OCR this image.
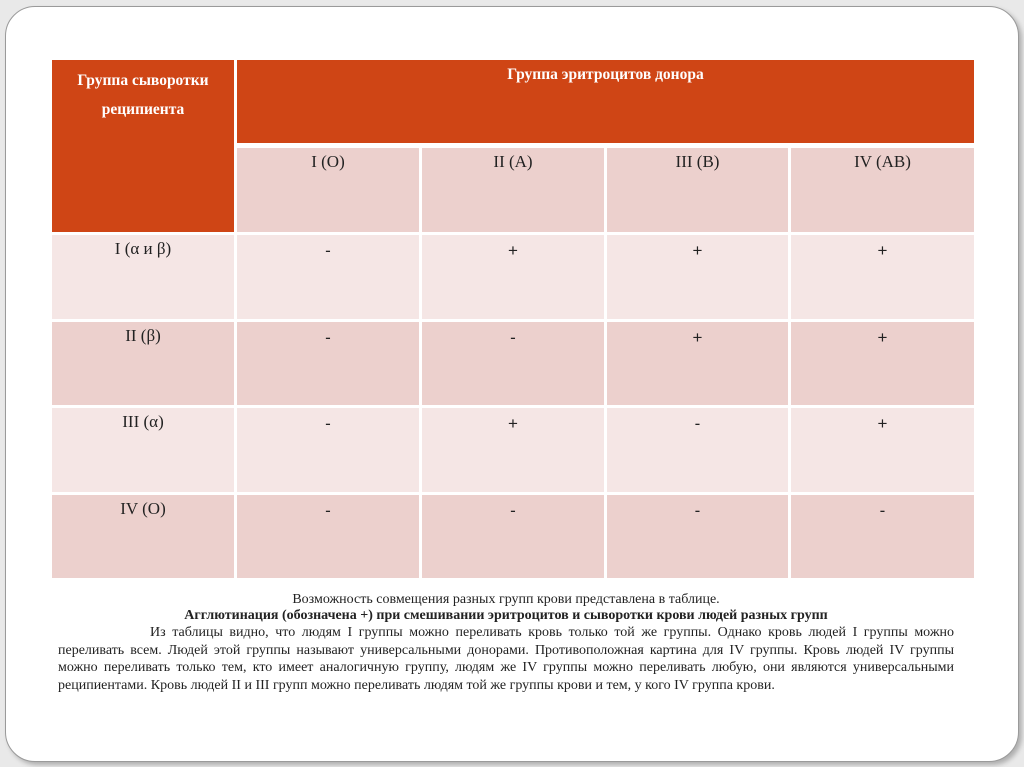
Группа сыворотки реципиента
Группа эритроцитов донора
I (O)	II (A)	III (B)	IV (AB)
I (α и β)	-	+	+	+
II (β)	-	-	+	+
III (α)	-	+	-	+
IV (O)	-	-	-	-

Возможность совмещения разных групп крови представлена в таблице.

Агглютинация (обозначена +) при смешивании эритроцитов и сыворотки крови людей разных групп

Из таблицы видно, что людям I группы можно переливать кровь только той же группы. Однако кровь людей I группы можно переливать всем. Людей этой группы называют универсальными донорами. Противоположная картина для IV группы. Кровь людей IV группы можно переливать только тем, кто имеет аналогичную группу, людям же IV группы можно переливать любую, они являются универсальными реципиентами. Кровь людей II и III групп можно переливать людям той же группы крови и тем, у кого IV группа крови.
